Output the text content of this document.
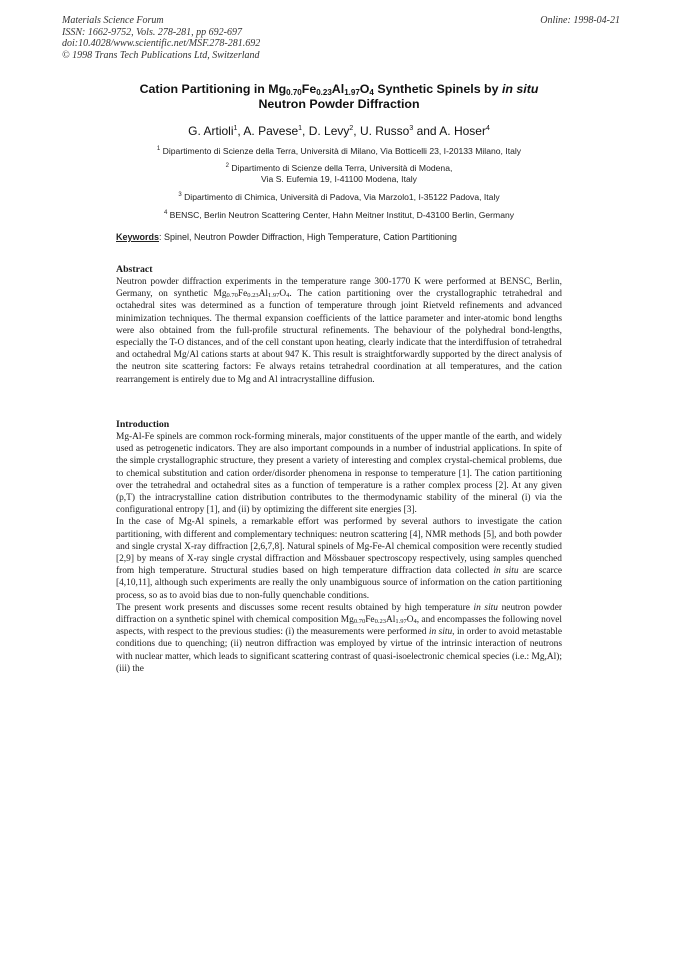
Materials Science Forum
ISSN: 1662-9752, Vols. 278-281, pp 692-697
doi:10.4028/www.scientific.net/MSF.278-281.692
© 1998 Trans Tech Publications Ltd, Switzerland
Online: 1998-04-21
Cation Partitioning in $Mg_{0.70}Fe_{0.23}Al_{1.97}O_4$ Synthetic Spinels by in situ
Neutron Powder Diffraction
G. Artioli$^1$, A. Pavese$^1$, D. Levy$^2$, U. Russo$^3$ and A. Hoser$^4$
$^1$ Dipartimento di Scienze della Terra, Università di Milano, Via Botticelli 23, I-20133 Milano, Italy
$^2$ Dipartimento di Scienze della Terra, Università di Modena,
Via S. Eufemia 19, I-41100 Modena, Italy
$^3$ Dipartimento di Chimica, Università di Padova, Via Marzolo1, I-35122 Padova, Italy
$^4$ BENSC, Berlin Neutron Scattering Center, Hahn Meitner Institut, D-43100 Berlin, Germany
Keywords: Spinel, Neutron Powder Diffraction, High Temperature, Cation Partitioning
Abstract

Neutron powder diffraction experiments in the temperature range 300-1770 K were performed at BENSC, Berlin, Germany, on synthetic $Mg_{0.70}Fe_{0.23}Al_{1.97}O_4$. The cation partitioning over the crystallographic tetrahedral and octahedral sites was determined as a function of temperature through joint Rietveld refinements and advanced minimization techniques. The thermal expansion coefficients of the lattice parameter and inter-atomic bond lengths were also obtained from the full-profile structural refinements. The behaviour of the polyhedral bond-lengths, especially the T-O distances, and of the cell constant upon heating, clearly indicate that the interdiffusion of tetrahedral and octahedral Mg/Al cations starts at about 947 K. This result is straightforwardly supported by the direct analysis of the neutron site scattering factors: Fe always retains tetrahedral coordination at all temperatures, and the cation rearrangement is entirely due to Mg and Al intracrystalline diffusion.

Introduction

Mg-Al-Fe spinels are common rock-forming minerals, major constituents of the upper mantle of the earth, and widely used as petrogenetic indicators. They are also important compounds in a number of industrial applications. In spite of the simple crystallographic structure, they present a variety of interesting and complex crystal-chemical problems, due to chemical substitution and cation order/disorder phenomena in response to temperature [1]. The cation partitioning over the tetrahedral and octahedral sites as a function of temperature is a rather complex process [2]. At any given (p,T) the intracrystalline cation distribution contributes to the thermodynamic stability of the mineral (i) via the configurational entropy [1], and (ii) by optimizing the different site energies [3].

In the case of Mg-Al spinels, a remarkable effort was performed by several authors to investigate the cation partitioning, with different and complementary techniques: neutron scattering [4], NMR methods [5], and both powder and single crystal X-ray diffraction [2,6,7,8]. Natural spinels of Mg-Fe-Al chemical composition were recently studied [2,9] by means of X-ray single crystal diffraction and Mössbauer spectroscopy respectively, using samples quenched from high temperature. Structural studies based on high temperature diffraction data collected in situ are scarce [4,10,11], although such experiments are really the only unambiguous source of information on the cation partitioning process, so as to avoid bias due to non-fully quenchable conditions.

The present work presents and discusses some recent results obtained by high temperature in situ neutron powder diffraction on a synthetic spinel with chemical composition $Mg_{0.70}Fe_{0.23}Al_{1.97}O_4$, and encompasses the following novel aspects, with respect to the previous studies: (i) the measurements were performed in situ, in order to avoid metastable conditions due to quenching; (ii) neutron diffraction was employed by virtue of the intrinsic interaction of neutrons with nuclear matter, which leads to significant scattering contrast of quasi-isoelectronic chemical species (i.e.: Mg,Al); (iii) the
